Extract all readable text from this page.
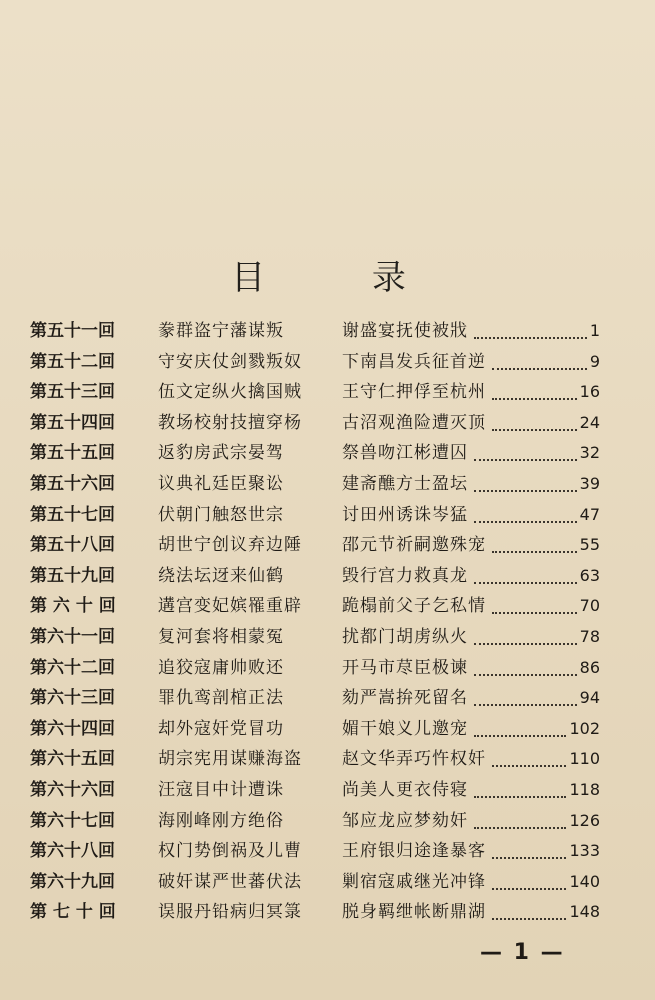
目 录
第五十一回	豢群盗宁藩谋叛	谢盛宴抚使被戕	1
第五十二回	守安庆仗剑戮叛奴	下南昌发兵征首逆	9
第五十三回	伍文定纵火擒国贼	王守仁押俘至杭州	16
第五十四回	教场校射技擅穿杨	古沼观渔险遭灭顶	24
第五十五回	返豹房武宗晏驾	祭兽吻江彬遭囚	32
第五十六回	议典礼廷臣聚讼	建斋醮方士盈坛	39
第五十七回	伏朝门触怒世宗	讨田州诱诛岑猛	47
第五十八回	胡世宁创议弃边陲	邵元节祈嗣邀殊宠	55
第五十九回	绕法坛迓来仙鹤	毁行宫力救真龙	63
第 六 十 回	遘宫变妃嫔罹重辟	跪榻前父子乞私情	70
第六十一回	复河套将相蒙冤	扰都门胡虏纵火	78
第六十二回	追狡寇庸帅败还	开马市荩臣极谏	86
第六十三回	罪仇鸾剖棺正法	劾严嵩拚死留名	94
第六十四回	却外寇奸党冒功	媚干娘义儿邀宠	102
第六十五回	胡宗宪用谋赚海盗	赵文华弄巧忤权奸	110
第六十六回	汪寇目中计遭诛	尚美人更衣侍寝	118
第六十七回	海刚峰刚方绝俗	邹应龙应梦劾奸	126
第六十八回	权门势倒祸及儿曹	王府银归途逢暴客	133
第六十九回	破奸谋严世蕃伏法	剿宿寇戚继光冲锋	140
第 七 十 回	误服丹铅病归冥箓	脱身羁绁帐断鼎湖	148
— 1 —
